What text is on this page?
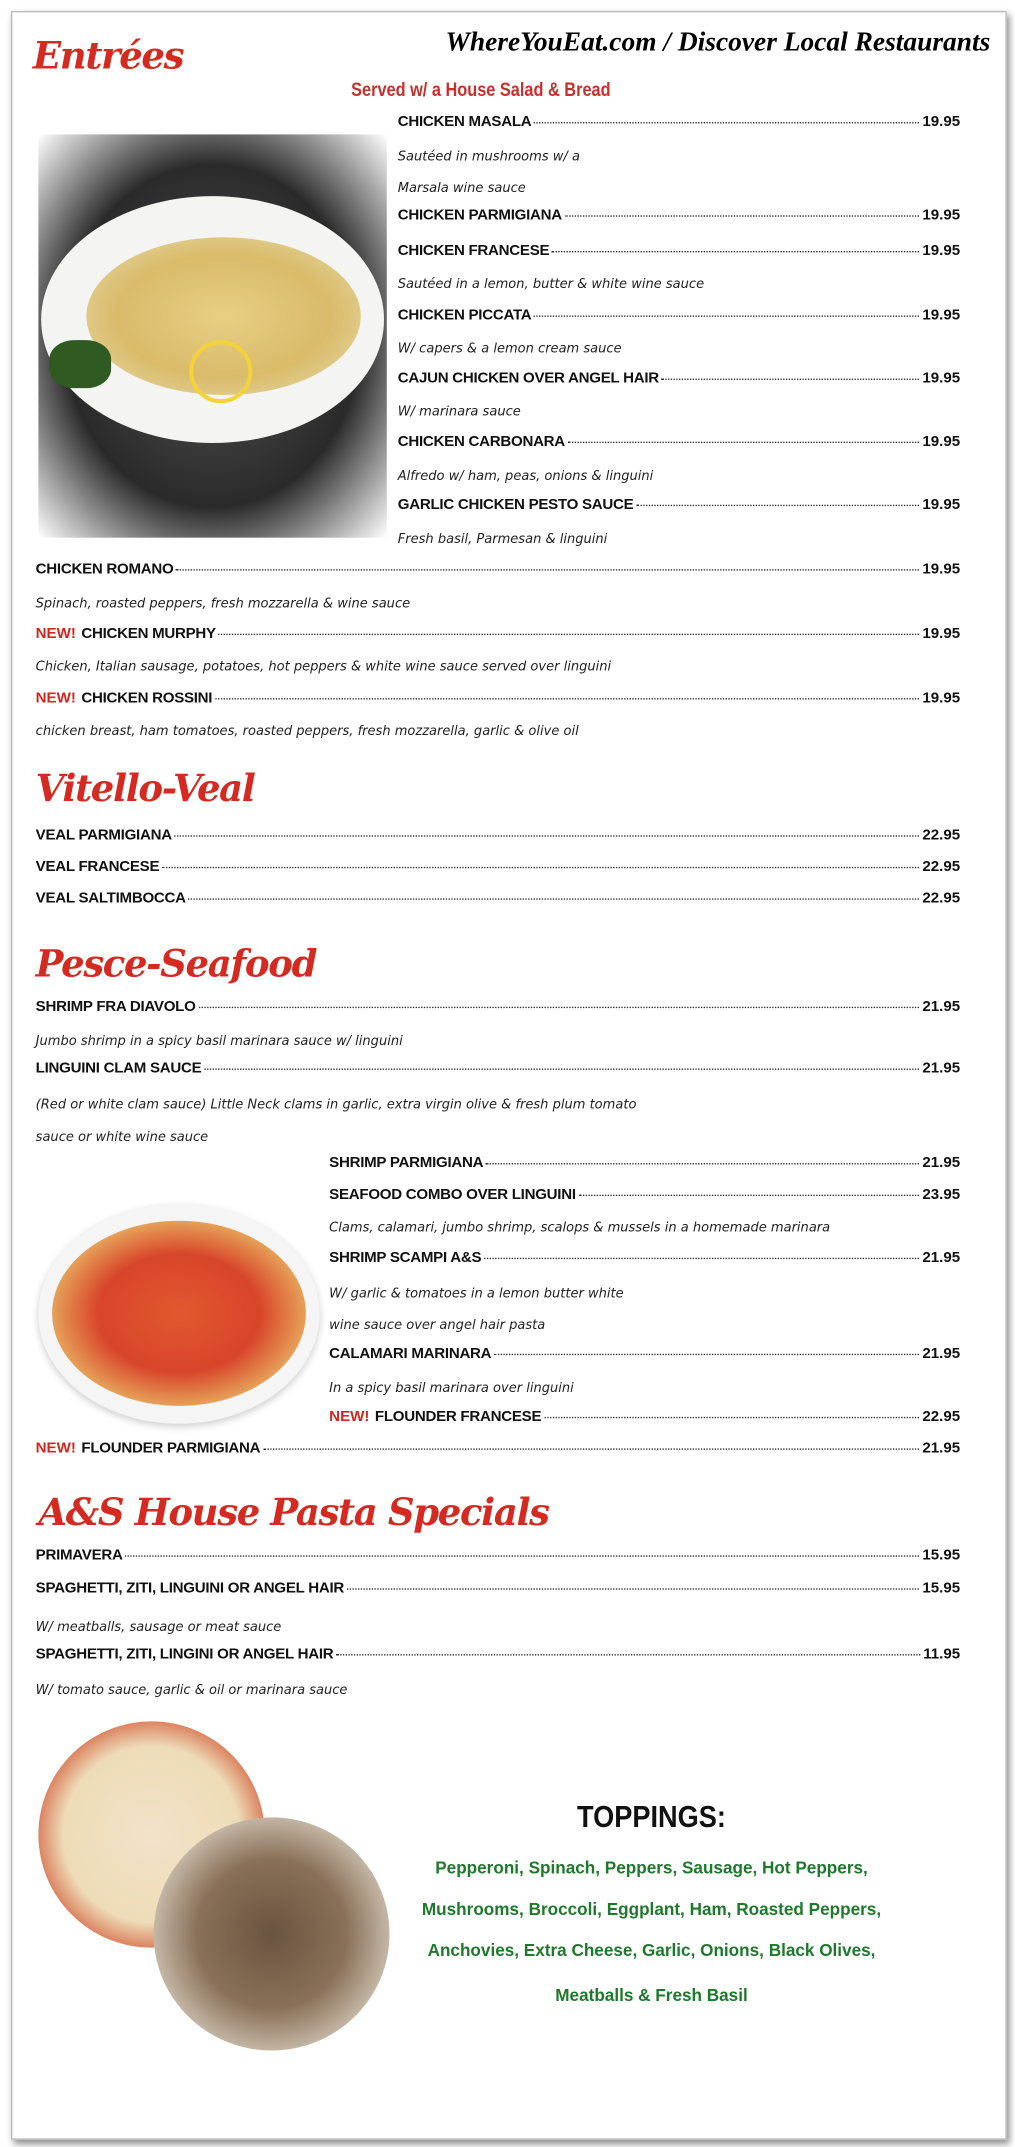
WhereYouEat.com / Discover Local Restaurants
Entrées
Served w/ a House Salad & Bread
Vitello-Veal
Pesce-Seafood
A&S House Pasta Specials
TOPPINGS:
Pepperoni, Spinach, Peppers, Sausage, Hot Peppers,
Mushrooms, Broccoli, Eggplant, Ham, Roasted Peppers,
Anchovies, Extra Cheese, Garlic, Onions, Black Olives,
Meatballs & Fresh Basil
CHICKEN MASALA	19.95
Sautéed in mushrooms w/ a
Marsala wine sauce
CHICKEN PARMIGIANA	19.95
CHICKEN FRANCESE	19.95
Sautéed in a lemon, butter & white wine sauce
CHICKEN PICCATA	19.95
W/ capers & a lemon cream sauce
CAJUN CHICKEN OVER ANGEL HAIR	19.95
W/ marinara sauce
CHICKEN CARBONARA	19.95
Alfredo w/ ham, peas, onions & linguini
GARLIC CHICKEN PESTO SAUCE	19.95
Fresh basil, Parmesan & linguini
CHICKEN ROMANO	19.95
Spinach, roasted peppers, fresh mozzarella & wine sauce
NEW! CHICKEN MURPHY	19.95
Chicken, Italian sausage, potatoes, hot peppers & white wine sauce served over linguini
NEW! CHICKEN ROSSINI	19.95
chicken breast, ham tomatoes, roasted peppers, fresh mozzarella, garlic & olive oil
VEAL PARMIGIANA	22.95
VEAL FRANCESE	22.95
VEAL SALTIMBOCCA	22.95
SHRIMP FRA DIAVOLO	21.95
Jumbo shrimp in a spicy basil marinara sauce w/ linguini
LINGUINI CLAM SAUCE	21.95
(Red or white clam sauce) Little Neck clams in garlic, extra virgin olive & fresh plum tomato
sauce or white wine sauce
SHRIMP PARMIGIANA	21.95
SEAFOOD COMBO OVER LINGUINI	23.95
Clams, calamari, jumbo shrimp, scalops & mussels in a homemade marinara
SHRIMP SCAMPI A&S	21.95
W/ garlic & tomatoes in a lemon butter white
wine sauce over angel hair pasta
CALAMARI MARINARA	21.95
In a spicy basil marinara over linguini
NEW! FLOUNDER FRANCESE	22.95
NEW! FLOUNDER PARMIGIANA	21.95
PRIMAVERA	15.95
SPAGHETTI, ZITI, LINGUINI OR ANGEL HAIR	15.95
W/ meatballs, sausage or meat sauce
SPAGHETTI, ZITI, LINGINI OR ANGEL HAIR	11.95
W/ tomato sauce, garlic & oil or marinara sauce
